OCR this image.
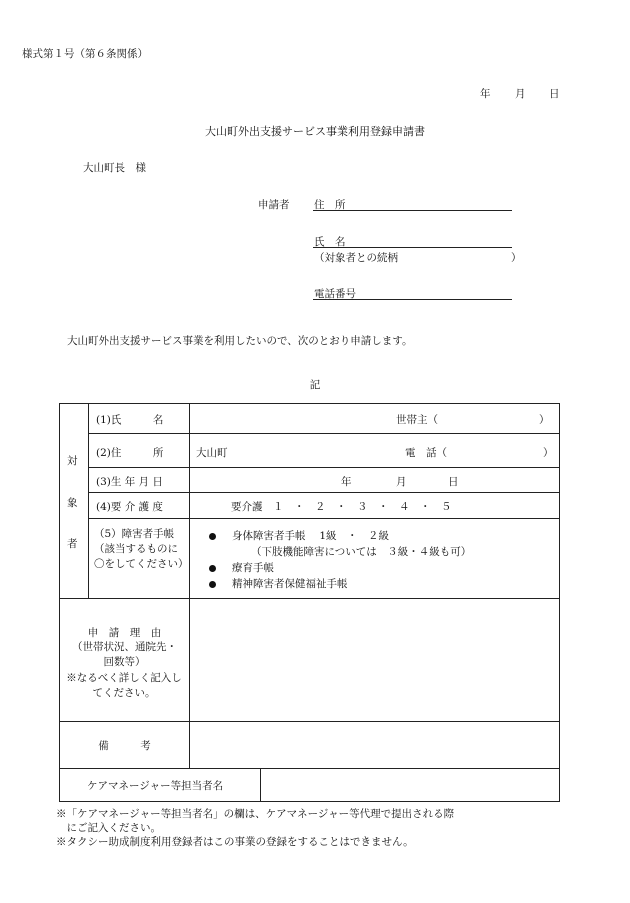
様式第１号（第６条関係）
年 月 日
大山町外出支援サービス事業利用登録申請書
大山町長　様
申請者 住　所
氏　名
（対象者との続柄	）
電話番号
大山町外出支援サービス事業を利用したいので、次のとおり申請します。
記
対
象
者
(1)氏　　　名	世帯主（	）
(2)住　　　所	大山町	電　話（	）
(3)生 年 月 日	年	月	日
(4)要 介 護 度	要介護　１　・　２　・　３　・　４　・　５
（5）障害者手帳（該当するものに〇をしてください）
身体障害者手帳　 1級　・　２級
（下肢機能障害については　３級・４級も可）
療育手帳
精神障害者保健福祉手帳
申　請　理　由
（世帯状況、通院先・回数等）
※なるべく詳しく記入してください。
備　　　考
ケアマネージャー等担当者名
※「ケアマネージャー等担当者名」の欄は、ケアマネージャー等代理で提出される際
　にご記入ください。
※タクシー助成制度利用登録者はこの事業の登録をすることはできません。
